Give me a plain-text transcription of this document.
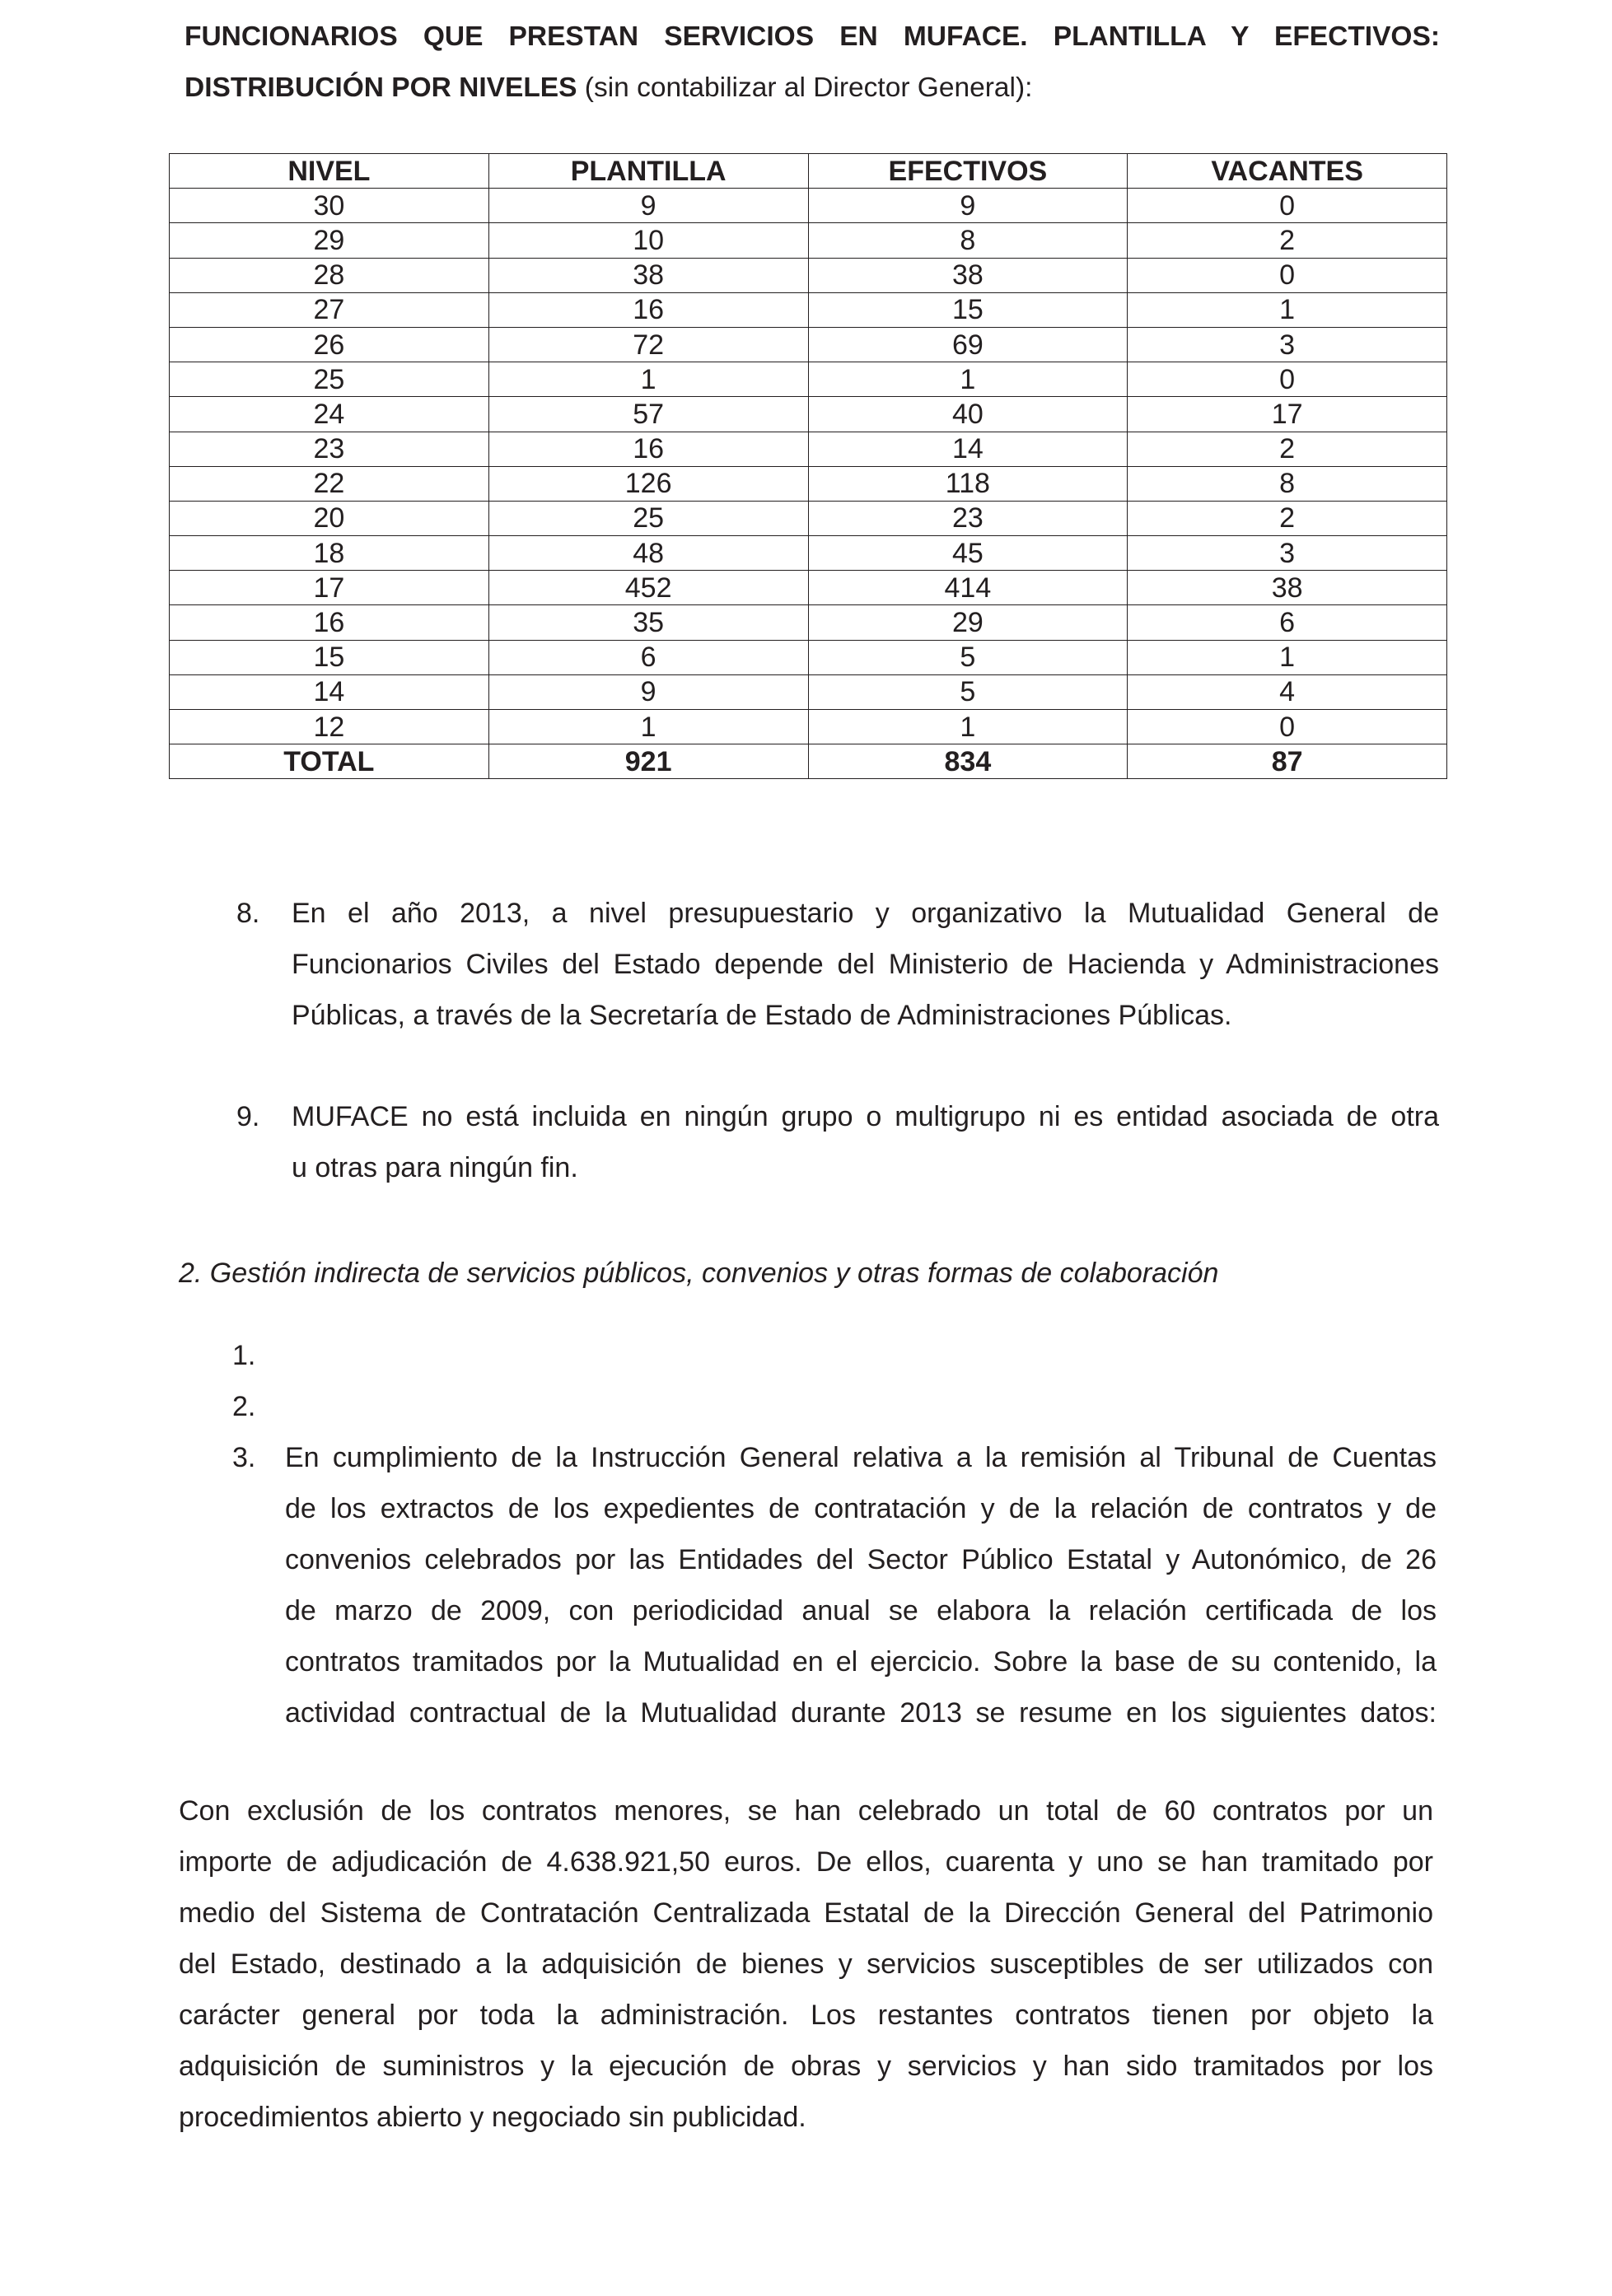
FUNCIONARIOS QUE PRESTAN SERVICIOS EN MUFACE. PLANTILLA Y EFECTIVOS:
DISTRIBUCIÓN POR NIVELES (sin contabilizar al Director General):
NIVEL	PLANTILLA	EFECTIVOS	VACANTES
30	9	9	0
29	10	8	2
28	38	38	0
27	16	15	1
26	72	69	3
25	1	1	0
24	57	40	17
23	16	14	2
22	126	118	8
20	25	23	2
18	48	45	3
17	452	414	38
16	35	29	6
15	6	5	1
14	9	5	4
12	1	1	0
TOTAL	921	834	87
8. En el año 2013, a nivel presupuestario y organizativo la Mutualidad General de
Funcionarios Civiles del Estado depende del Ministerio de Hacienda y Administraciones
Públicas, a través de la Secretaría de Estado de Administraciones Públicas.
9. MUFACE no está incluida en ningún grupo o multigrupo ni es entidad asociada de otra
u otras para ningún fin.

2. Gestión indirecta de servicios públicos, convenios y otras formas de colaboración

1.
2.
3. En cumplimiento de la Instrucción General relativa a la remisión al Tribunal de Cuentas
de los extractos de los expedientes de contratación y de la relación de contratos y de
convenios celebrados por las Entidades del Sector Público Estatal y Autonómico, de 26
de marzo de 2009, con periodicidad anual se elabora la relación certificada de los
contratos tramitados por la Mutualidad en el ejercicio. Sobre la base de su contenido, la
actividad contractual de la Mutualidad durante 2013 se resume en los siguientes datos:
Con exclusión de los contratos menores, se han celebrado un total de 60 contratos por un
importe de adjudicación de 4.638.921,50 euros. De ellos, cuarenta y uno se han tramitado por
medio del Sistema de Contratación Centralizada Estatal de la Dirección General del Patrimonio
del Estado, destinado a la adquisición de bienes y servicios susceptibles de ser utilizados con
carácter general por toda la administración. Los restantes contratos tienen por objeto la
adquisición de suministros y la ejecución de obras y servicios y han sido tramitados por los
procedimientos abierto y negociado sin publicidad.
